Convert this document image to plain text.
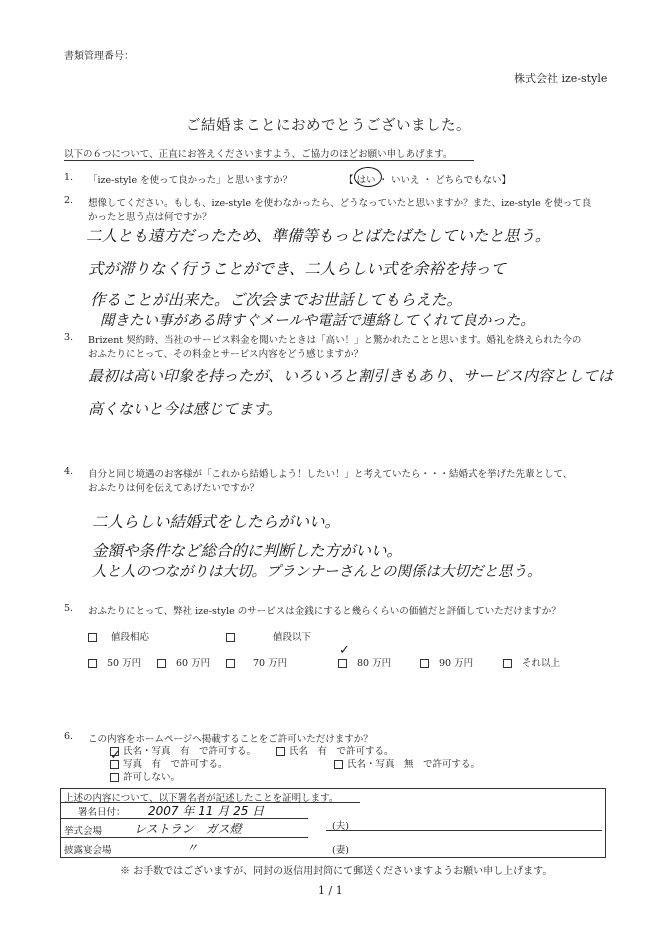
書類管理番号：
株式会社 ize-style
ご結婚まことにおめでとうございました。
以下の６つについて、正直にお答えくださいますよう、ご協力のほどお願い申しあげます。
1. 「ize-style を使って良かった」と思いますか？	【 はい ・ いいえ ・ どちらでもない】
2. 想像してください。もしも、ize-style を使わなかったら、どうなっていたと思いますか？また、ize-style を使って良
かったと思う点は何ですか？
二人とも遠方だったため、準備等もっとばたばたしていたと思う。
式が滞りなく行うことができ、二人らしい式を余裕を持って
作ることが出来た。ご次会までお世話してもらえた。
聞きたい事がある時すぐメールや電話で連絡してくれて良かった。
3. Brizent 契約時、当社のサービス料金を聞いたときは「高い！」と驚かれたことと思います。婚礼を終えられた今の
おふたりにとって、その料金とサービス内容をどう感じますか？
最初は高い印象を持ったが、いろいろと割引きもあり、サービス内容としては
高くないと今は感じてます。
4. 自分と同じ境遇のお客様が「これから結婚しよう！したい！」と考えていたら・・・結婚式を挙げた先輩として、
おふたりは何を伝えてあげたいですか？
二人らしい結婚式をしたらがいい。
金額や条件など総合的に判断した方がいい。
人と人のつながりは大切。プランナーさんとの関係は大切だと思う。
5. おふたりにとって、弊社 ize-style のサービスは金銭にすると幾らくらいの価値だと評価していただけますか？
値段相応	値段以下
50 万円	60 万円	70 万円	80 万円
✓
90 万円	それ以上
6. この内容をホームページへ掲載することをご許可いただけますか？
氏名・写真　有　で許可する。	氏名　有　で許可する。
写真　有　で許可する。
✓
氏名・写真　無　で許可する。
許可しない。
上述の内容について、以下署名者が記述したことを証明します。
署名日付： 2007 年 11 月 25 日
挙式会場	レストラン　ガス燈
披露宴会場	〃
(夫)
(妻)
※ お手数ではございますが、同封の返信用封筒にて郵送くださいますようお願い申し上げます。
1 / 1
